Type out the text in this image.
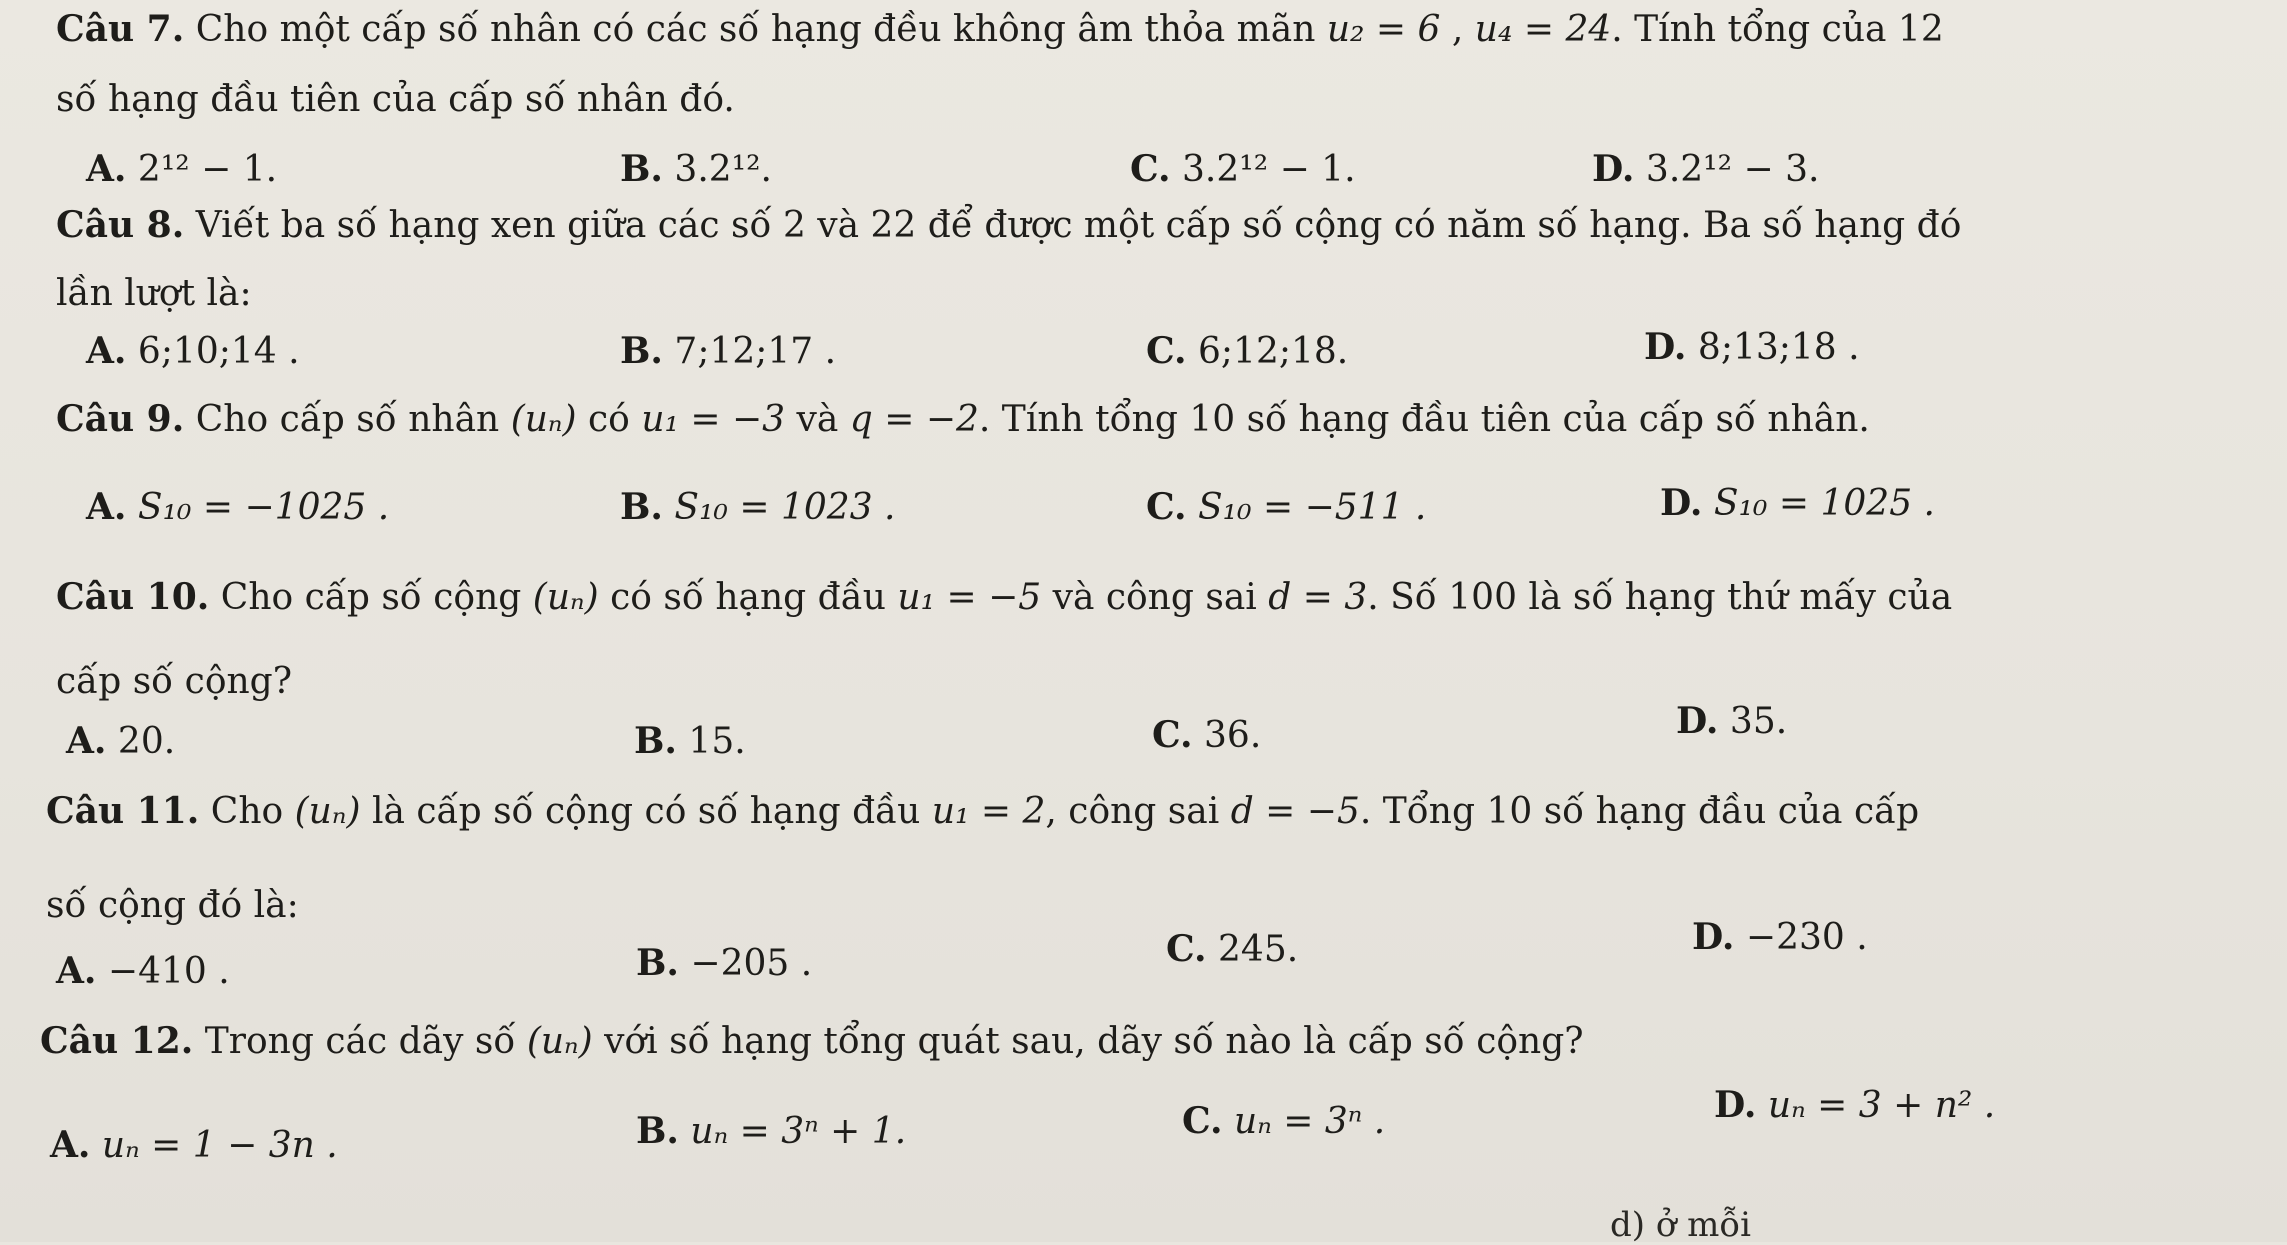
Câu 7. Cho một cấp số nhân có các số hạng đều không âm thỏa mãn u₂ = 6 , u₄ = 24. Tính tổng của 12
số hạng đầu tiên của cấp số nhân đó.
A. 2¹² − 1.	B. 3.2¹².	C. 3.2¹² − 1.	D. 3.2¹² − 3.
Câu 8. Viết ba số hạng xen giữa các số 2 và 22 để được một cấp số cộng có năm số hạng. Ba số hạng đó
lần lượt là:
A. 6;10;14 .	B. 7;12;17 .	C. 6;12;18.	D. 8;13;18 .
Câu 9. Cho cấp số nhân (uₙ) có u₁ = −3 và q = −2. Tính tổng 10 số hạng đầu tiên của cấp số nhân.
A. S₁₀ = −1025 .	B. S₁₀ = 1023 .	C. S₁₀ = −511 .	D. S₁₀ = 1025 .
Câu 10. Cho cấp số cộng (uₙ) có số hạng đầu u₁ = −5 và công sai d = 3. Số 100 là số hạng thứ mấy của
cấp số cộng?
A. 20.	B. 15.	C. 36.	D. 35.
Câu 11. Cho (uₙ) là cấp số cộng có số hạng đầu u₁ = 2, công sai d = −5. Tổng 10 số hạng đầu của cấp
số cộng đó là:
A. −410 .	B. −205 .	C. 245.	D. −230 .
Câu 12. Trong các dãy số (uₙ) với số hạng tổng quát sau, dãy số nào là cấp số cộng?
A. uₙ = 1 − 3n .	B. uₙ = 3ⁿ + 1.	C. uₙ = 3ⁿ .	D. uₙ = 3 + n² .
d) ở mỗi
